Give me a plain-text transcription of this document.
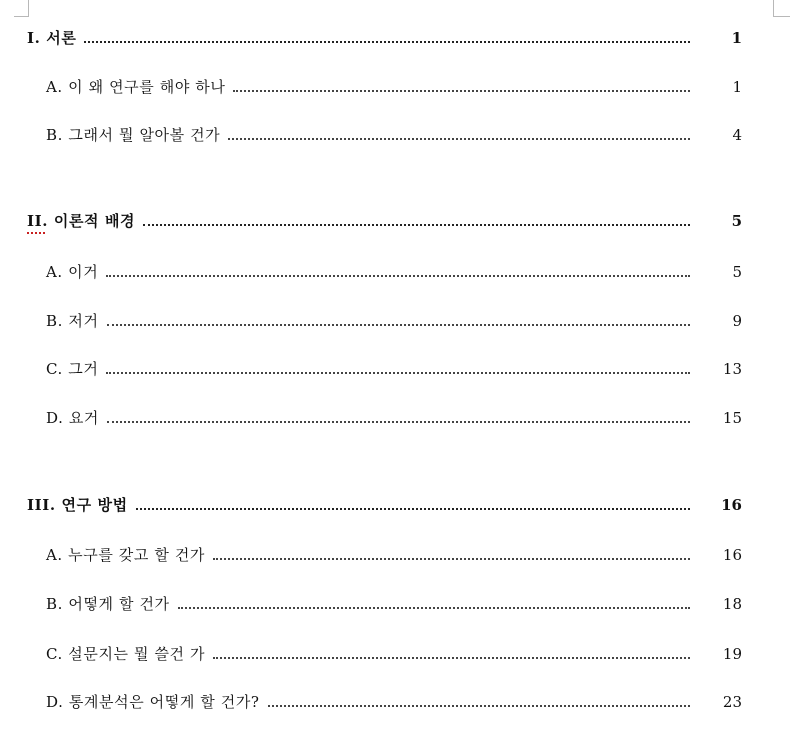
I. 서론	1
A. 이 왜 연구를 해야 하나	1
B. 그래서 뭘 알아볼 건가	4
II. 이론적 배경	5
A. 이거	5
B. 저거	9
C. 그거	13
D. 요거	15
III. 연구 방법	16
A. 누구를 갖고 할 건가	16
B. 어떻게 할 건가	18
C. 설문지는 뭘 쓸건 가	19
D. 통계분석은 어떻게 할 건가?	23
